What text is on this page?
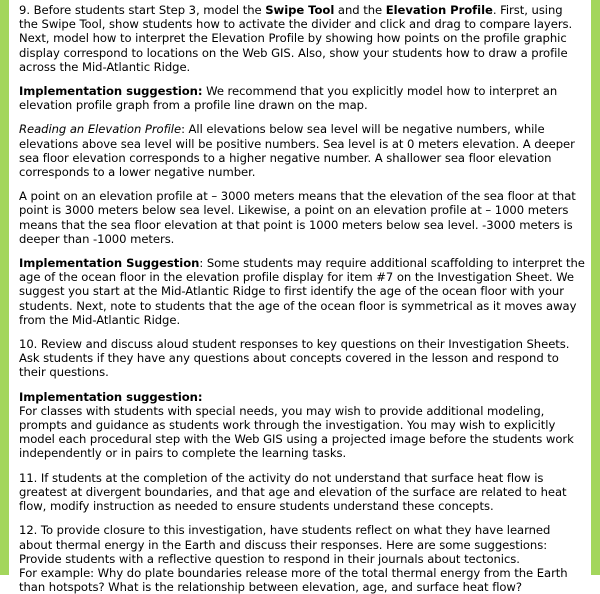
9. Before students start Step 3, model the Swipe Tool and the Elevation Profile. First, using the Swipe Tool, show students how to activate the divider and click and drag to compare layers. Next, model how to interpret the Elevation Profile by showing how points on the profile graphic display correspond to locations on the Web GIS. Also, show your students how to draw a profile across the Mid-Atlantic Ridge.

Implementation suggestion: We recommend that you explicitly model how to interpret an elevation profile graph from a profile line drawn on the map.

Reading an Elevation Profile: All elevations below sea level will be negative numbers, while elevations above sea level will be positive numbers. Sea level is at 0 meters elevation. A deeper sea floor elevation corresponds to a higher negative number. A shallower sea floor elevation corresponds to a lower negative number.

A point on an elevation profile at – 3000 meters means that the elevation of the sea floor at that point is 3000 meters below sea level. Likewise, a point on an elevation profile at – 1000 meters means that the sea floor elevation at that point is 1000 meters below sea level. -3000 meters is deeper than -1000 meters.

Implementation Suggestion: Some students may require additional scaffolding to interpret the age of the ocean floor in the elevation profile display for item #7 on the Investigation Sheet. We suggest you start at the Mid-Atlantic Ridge to first identify the age of the ocean floor with your students. Next, note to students that the age of the ocean floor is symmetrical as it moves away from the Mid-Atlantic Ridge.

10. Review and discuss aloud student responses to key questions on their Investigation Sheets. Ask students if they have any questions about concepts covered in the lesson and respond to their questions.

Implementation suggestion:
For classes with students with special needs, you may wish to provide additional modeling, prompts and guidance as students work through the investigation. You may wish to explicitly model each procedural step with the Web GIS using a projected image before the students work independently or in pairs to complete the learning tasks.

11. If students at the completion of the activity do not understand that surface heat flow is greatest at divergent boundaries, and that age and elevation of the surface are related to heat flow, modify instruction as needed to ensure students understand these concepts.

12. To provide closure to this investigation, have students reflect on what they have learned about thermal energy in the Earth and discuss their responses. Here are some suggestions:
Provide students with a reflective question to respond in their journals about tectonics.
For example: Why do plate boundaries release more of the total thermal energy from the Earth than hotspots? What is the relationship between elevation, age, and surface heat flow?
